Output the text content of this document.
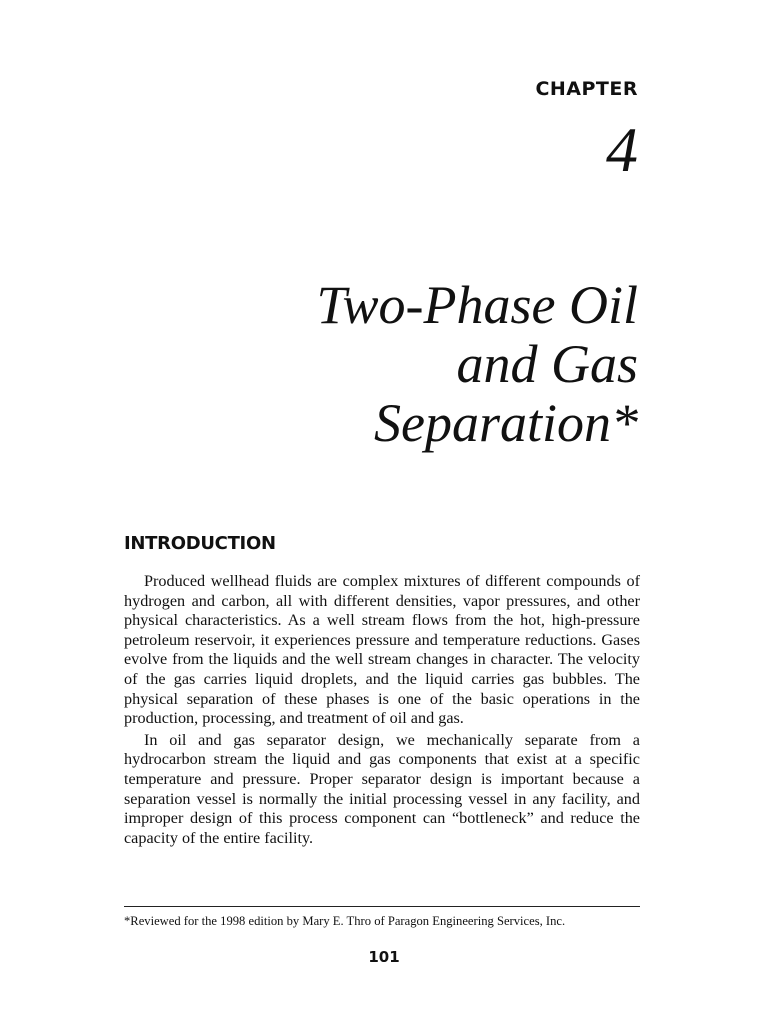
CHAPTER
4
Two-Phase Oil
and Gas
Separation*
INTRODUCTION

Produced wellhead fluids are complex mixtures of different compounds of hydrogen and carbon, all with different densities, vapor pressures, and other physical characteristics. As a well stream flows from the hot, high-pressure petroleum reservoir, it experiences pressure and temperature reductions. Gases evolve from the liquids and the well stream changes in character. The velocity of the gas carries liquid droplets, and the liquid carries gas bubbles. The physical separation of these phases is one of the basic operations in the production, processing, and treatment of oil and gas.

In oil and gas separator design, we mechanically separate from a hydrocarbon stream the liquid and gas components that exist at a specific temperature and pressure. Proper separator design is important because a separation vessel is normally the initial processing vessel in any facility, and improper design of this process component can “bottleneck” and reduce the capacity of the entire facility.

*Reviewed for the 1998 edition by Mary E. Thro of Paragon Engineering Services, Inc.
101
